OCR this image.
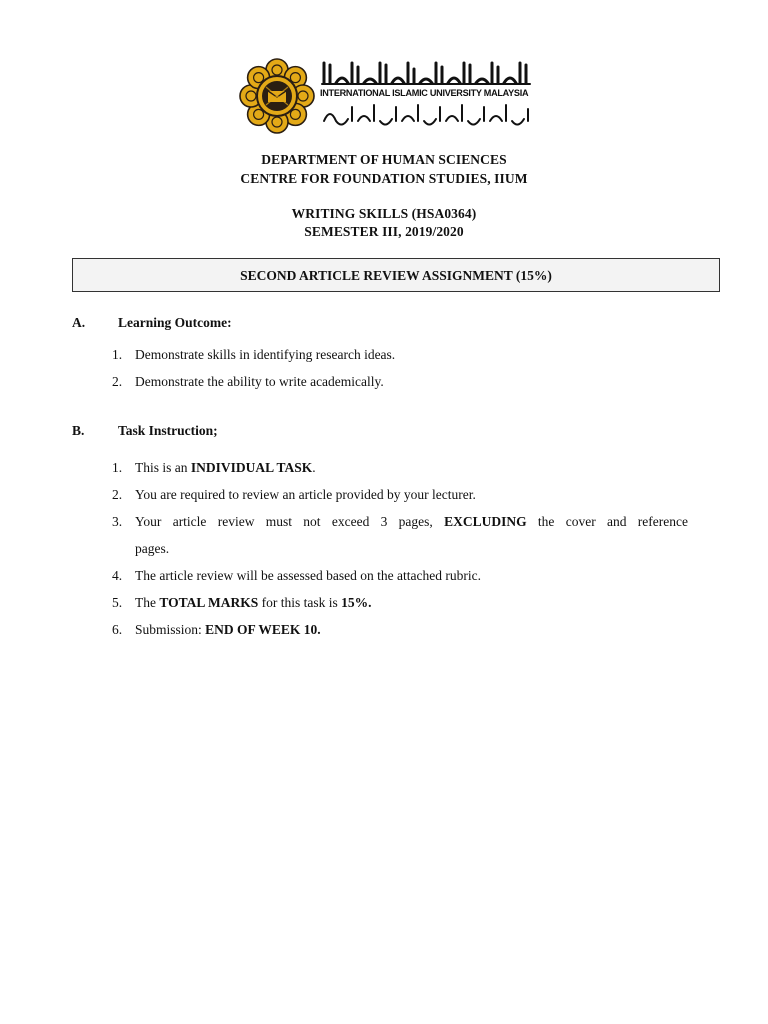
INTERNATIONAL ISLAMIC UNIVERSITY MALAYSIA
DEPARTMENT OF HUMAN SCIENCES
CENTRE FOR FOUNDATION STUDIES, IIUM
WRITING SKILLS (HSA0364)
SEMESTER III, 2019/2020
SECOND ARTICLE REVIEW ASSIGNMENT (15%)
A. Learning Outcome:
1. Demonstrate skills in identifying research ideas.
2. Demonstrate the ability to write academically.
B. Task Instruction;
1. This is an INDIVIDUAL TASK.
2. You are required to review an article provided by your lecturer.
3. Your article review must not exceed 3 pages, EXCLUDING the cover and reference
pages.
4. The article review will be assessed based on the attached rubric.
5. The TOTAL MARKS for this task is 15%.
6. Submission: END OF WEEK 10.
